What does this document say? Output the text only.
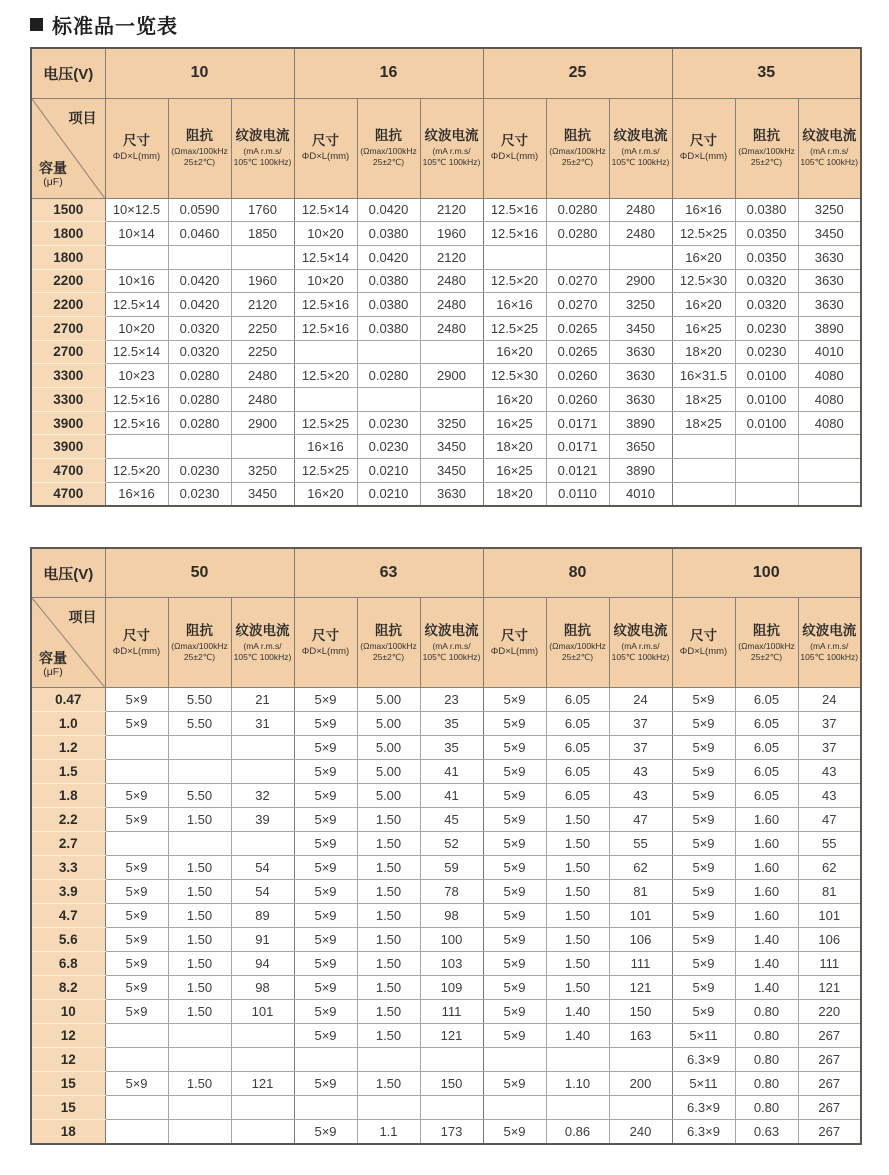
标准品一览表
电压(V)	10			16			25			35		

项目
容量
(μF)

尺寸
ΦD×L(mm)

阻抗
(Ωmax/100kHz 25±2℃)

纹波电流
(mA r.m.s/ 105℃ 100kHz)

尺寸
ΦD×L(mm)

阻抗
(Ωmax/100kHz 25±2℃)

纹波电流
(mA r.m.s/ 105℃ 100kHz)

尺寸
ΦD×L(mm)

阻抗
(Ωmax/100kHz 25±2℃)

纹波电流
(mA r.m.s/ 105℃ 100kHz)

尺寸
ΦD×L(mm)

阻抗
(Ωmax/100kHz 25±2℃)

纹波电流
(mA r.m.s/ 105℃ 100kHz)

1500	10×12.5	0.0590	1760	12.5×14	0.0420	2120	12.5×16	0.0280	2480	16×16	0.0380	3250
1800	10×14	0.0460	1850	10×20	0.0380	1960	12.5×16	0.0280	2480	12.5×25	0.0350	3450
1800				12.5×14	0.0420	2120				16×20	0.0350	3630
2200	10×16	0.0420	1960	10×20	0.0380	2480	12.5×20	0.0270	2900	12.5×30	0.0320	3630
2200	12.5×14	0.0420	2120	12.5×16	0.0380	2480	16×16	0.0270	3250	16×20	0.0320	3630
2700	10×20	0.0320	2250	12.5×16	0.0380	2480	12.5×25	0.0265	3450	16×25	0.0230	3890
2700	12.5×14	0.0320	2250				16×20	0.0265	3630	18×20	0.0230	4010
3300	10×23	0.0280	2480	12.5×20	0.0280	2900	12.5×30	0.0260	3630	16×31.5	0.0100	4080
3300	12.5×16	0.0280	2480				16×20	0.0260	3630	18×25	0.0100	4080
3900	12.5×16	0.0280	2900	12.5×25	0.0230	3250	16×25	0.0171	3890	18×25	0.0100	4080
3900				16×16	0.0230	3450	18×20	0.0171	3650			
4700	12.5×20	0.0230	3250	12.5×25	0.0210	3450	16×25	0.0121	3890			
4700	16×16	0.0230	3450	16×20	0.0210	3630	18×20	0.0110	4010			
电压(V)	50			63			80			100		

项目
容量
(μF)

尺寸
ΦD×L(mm)

阻抗
(Ωmax/100kHz 25±2℃)

纹波电流
(mA r.m.s/ 105℃ 100kHz)

尺寸
ΦD×L(mm)

阻抗
(Ωmax/100kHz 25±2℃)

纹波电流
(mA r.m.s/ 105℃ 100kHz)

尺寸
ΦD×L(mm)

阻抗
(Ωmax/100kHz 25±2℃)

纹波电流
(mA r.m.s/ 105℃ 100kHz)

尺寸
ΦD×L(mm)

阻抗
(Ωmax/100kHz 25±2℃)

纹波电流
(mA r.m.s/ 105℃ 100kHz)

0.47	5×9	5.50	21	5×9	5.00	23	5×9	6.05	24	5×9	6.05	24
1.0	5×9	5.50	31	5×9	5.00	35	5×9	6.05	37	5×9	6.05	37
1.2				5×9	5.00	35	5×9	6.05	37	5×9	6.05	37
1.5				5×9	5.00	41	5×9	6.05	43	5×9	6.05	43
1.8	5×9	5.50	32	5×9	5.00	41	5×9	6.05	43	5×9	6.05	43
2.2	5×9	1.50	39	5×9	1.50	45	5×9	1.50	47	5×9	1.60	47
2.7				5×9	1.50	52	5×9	1.50	55	5×9	1.60	55
3.3	5×9	1.50	54	5×9	1.50	59	5×9	1.50	62	5×9	1.60	62
3.9	5×9	1.50	54	5×9	1.50	78	5×9	1.50	81	5×9	1.60	81
4.7	5×9	1.50	89	5×9	1.50	98	5×9	1.50	101	5×9	1.60	101
5.6	5×9	1.50	91	5×9	1.50	100	5×9	1.50	106	5×9	1.40	106
6.8	5×9	1.50	94	5×9	1.50	103	5×9	1.50	111	5×9	1.40	111
8.2	5×9	1.50	98	5×9	1.50	109	5×9	1.50	121	5×9	1.40	121
10	5×9	1.50	101	5×9	1.50	111	5×9	1.40	150	5×9	0.80	220
12				5×9	1.50	121	5×9	1.40	163	5×11	0.80	267
12										6.3×9	0.80	267
15	5×9	1.50	121	5×9	1.50	150	5×9	1.10	200	5×11	0.80	267
15										6.3×9	0.80	267
18				5×9	1.1	173	5×9	0.86	240	6.3×9	0.63	267
